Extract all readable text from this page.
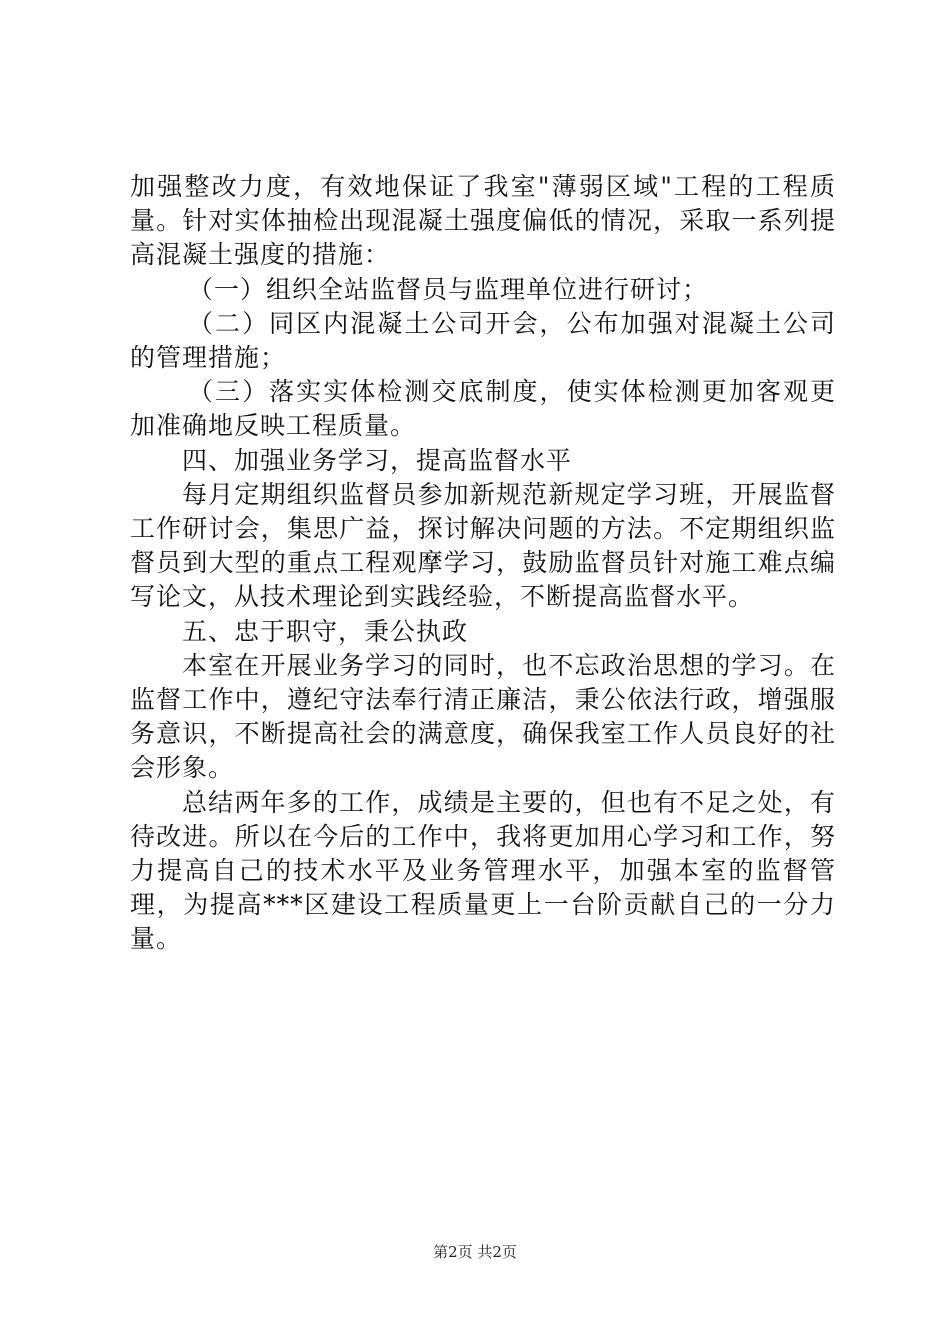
加强整改力度，有效地保证了我室"薄弱区域"工程的工程质量。针对实体抽检出现混凝土强度偏低的情况，采取一系列提高混凝土强度的措施：

（一）组织全站监督员与监理单位进行研讨；

（二）同区内混凝土公司开会，公布加强对混凝土公司的管理措施；

（三）落实实体检测交底制度，使实体检测更加客观更加准确地反映工程质量。

四、加强业务学习，提高监督水平

每月定期组织监督员参加新规范新规定学习班，开展监督工作研讨会，集思广益，探讨解决问题的方法。不定期组织监督员到大型的重点工程观摩学习，鼓励监督员针对施工难点编写论文，从技术理论到实践经验，不断提高监督水平。

五、忠于职守，秉公执政

本室在开展业务学习的同时，也不忘政治思想的学习。在监督工作中，遵纪守法奉行清正廉洁，秉公依法行政，增强服务意识，不断提高社会的满意度，确保我室工作人员良好的社会形象。

总结两年多的工作，成绩是主要的，但也有不足之处，有待改进。所以在今后的工作中，我将更加用心学习和工作，努力提高自己的技术水平及业务管理水平，加强本室的监督管理，为提高***区建设工程质量更上一台阶贡献自己的一分力量。

第2页 共2页
